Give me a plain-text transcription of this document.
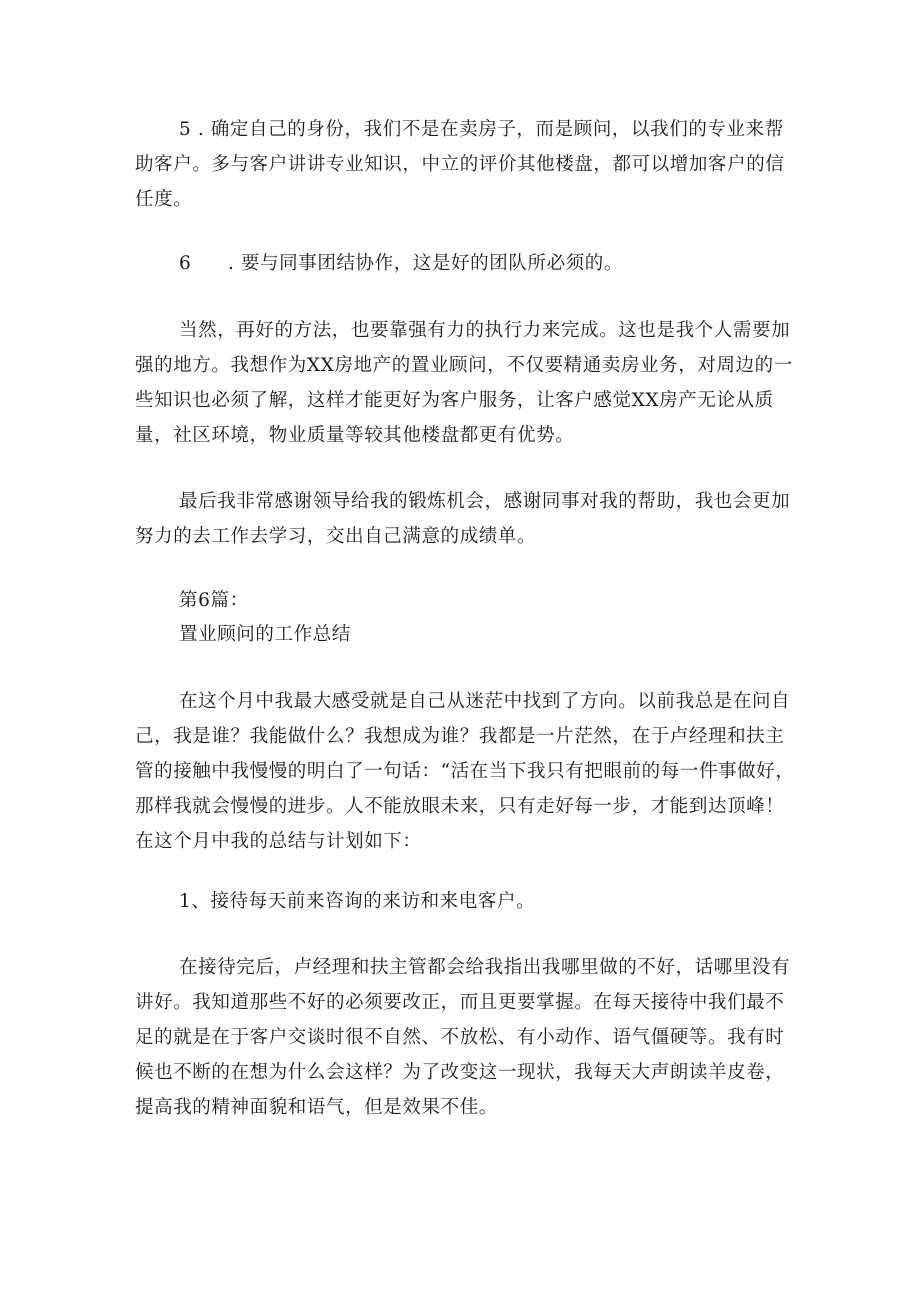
5 . 确定自己的身份，我们不是在卖房子，而是顾问，以我们的专业来帮助客户。多与客户讲讲专业知识，中立的评价其他楼盘，都可以增加客户的信任度。

6 . 要与同事团结协作，这是好的团队所必须的。

当然，再好的方法，也要靠强有力的执行力来完成。这也是我个人需要加强的地方。我想作为XX房地产的置业顾问，不仅要精通卖房业务，对周边的一些知识也必须了解，这样才能更好为客户服务，让客户感觉XX房产无论从质量，社区环境，物业质量等较其他楼盘都更有优势。

最后我非常感谢领导给我的锻炼机会，感谢同事对我的帮助，我也会更加努力的去工作去学习，交出自己满意的成绩单。

第6篇：

置业顾问的工作总结

在这个月中我最大感受就是自己从迷茫中找到了方向。以前我总是在问自己，我是谁？我能做什么？我想成为谁？我都是一片茫然，在于卢经理和扶主管的接触中我慢慢的明白了一句话：“活在当下我只有把眼前的每一件事做好，那样我就会慢慢的进步。人不能放眼未来，只有走好每一步，才能到达顶峰！在这个月中我的总结与计划如下：

1、接待每天前来咨询的来访和来电客户。

在接待完后，卢经理和扶主管都会给我指出我哪里做的不好，话哪里没有讲好。我知道那些不好的必须要改正，而且更要掌握。在每天接待中我们最不足的就是在于客户交谈时很不自然、不放松、有小动作、语气僵硬等。我有时候也不断的在想为什么会这样？为了改变这一现状，我每天大声朗读羊皮卷，提高我的精神面貌和语气，但是效果不佳。
